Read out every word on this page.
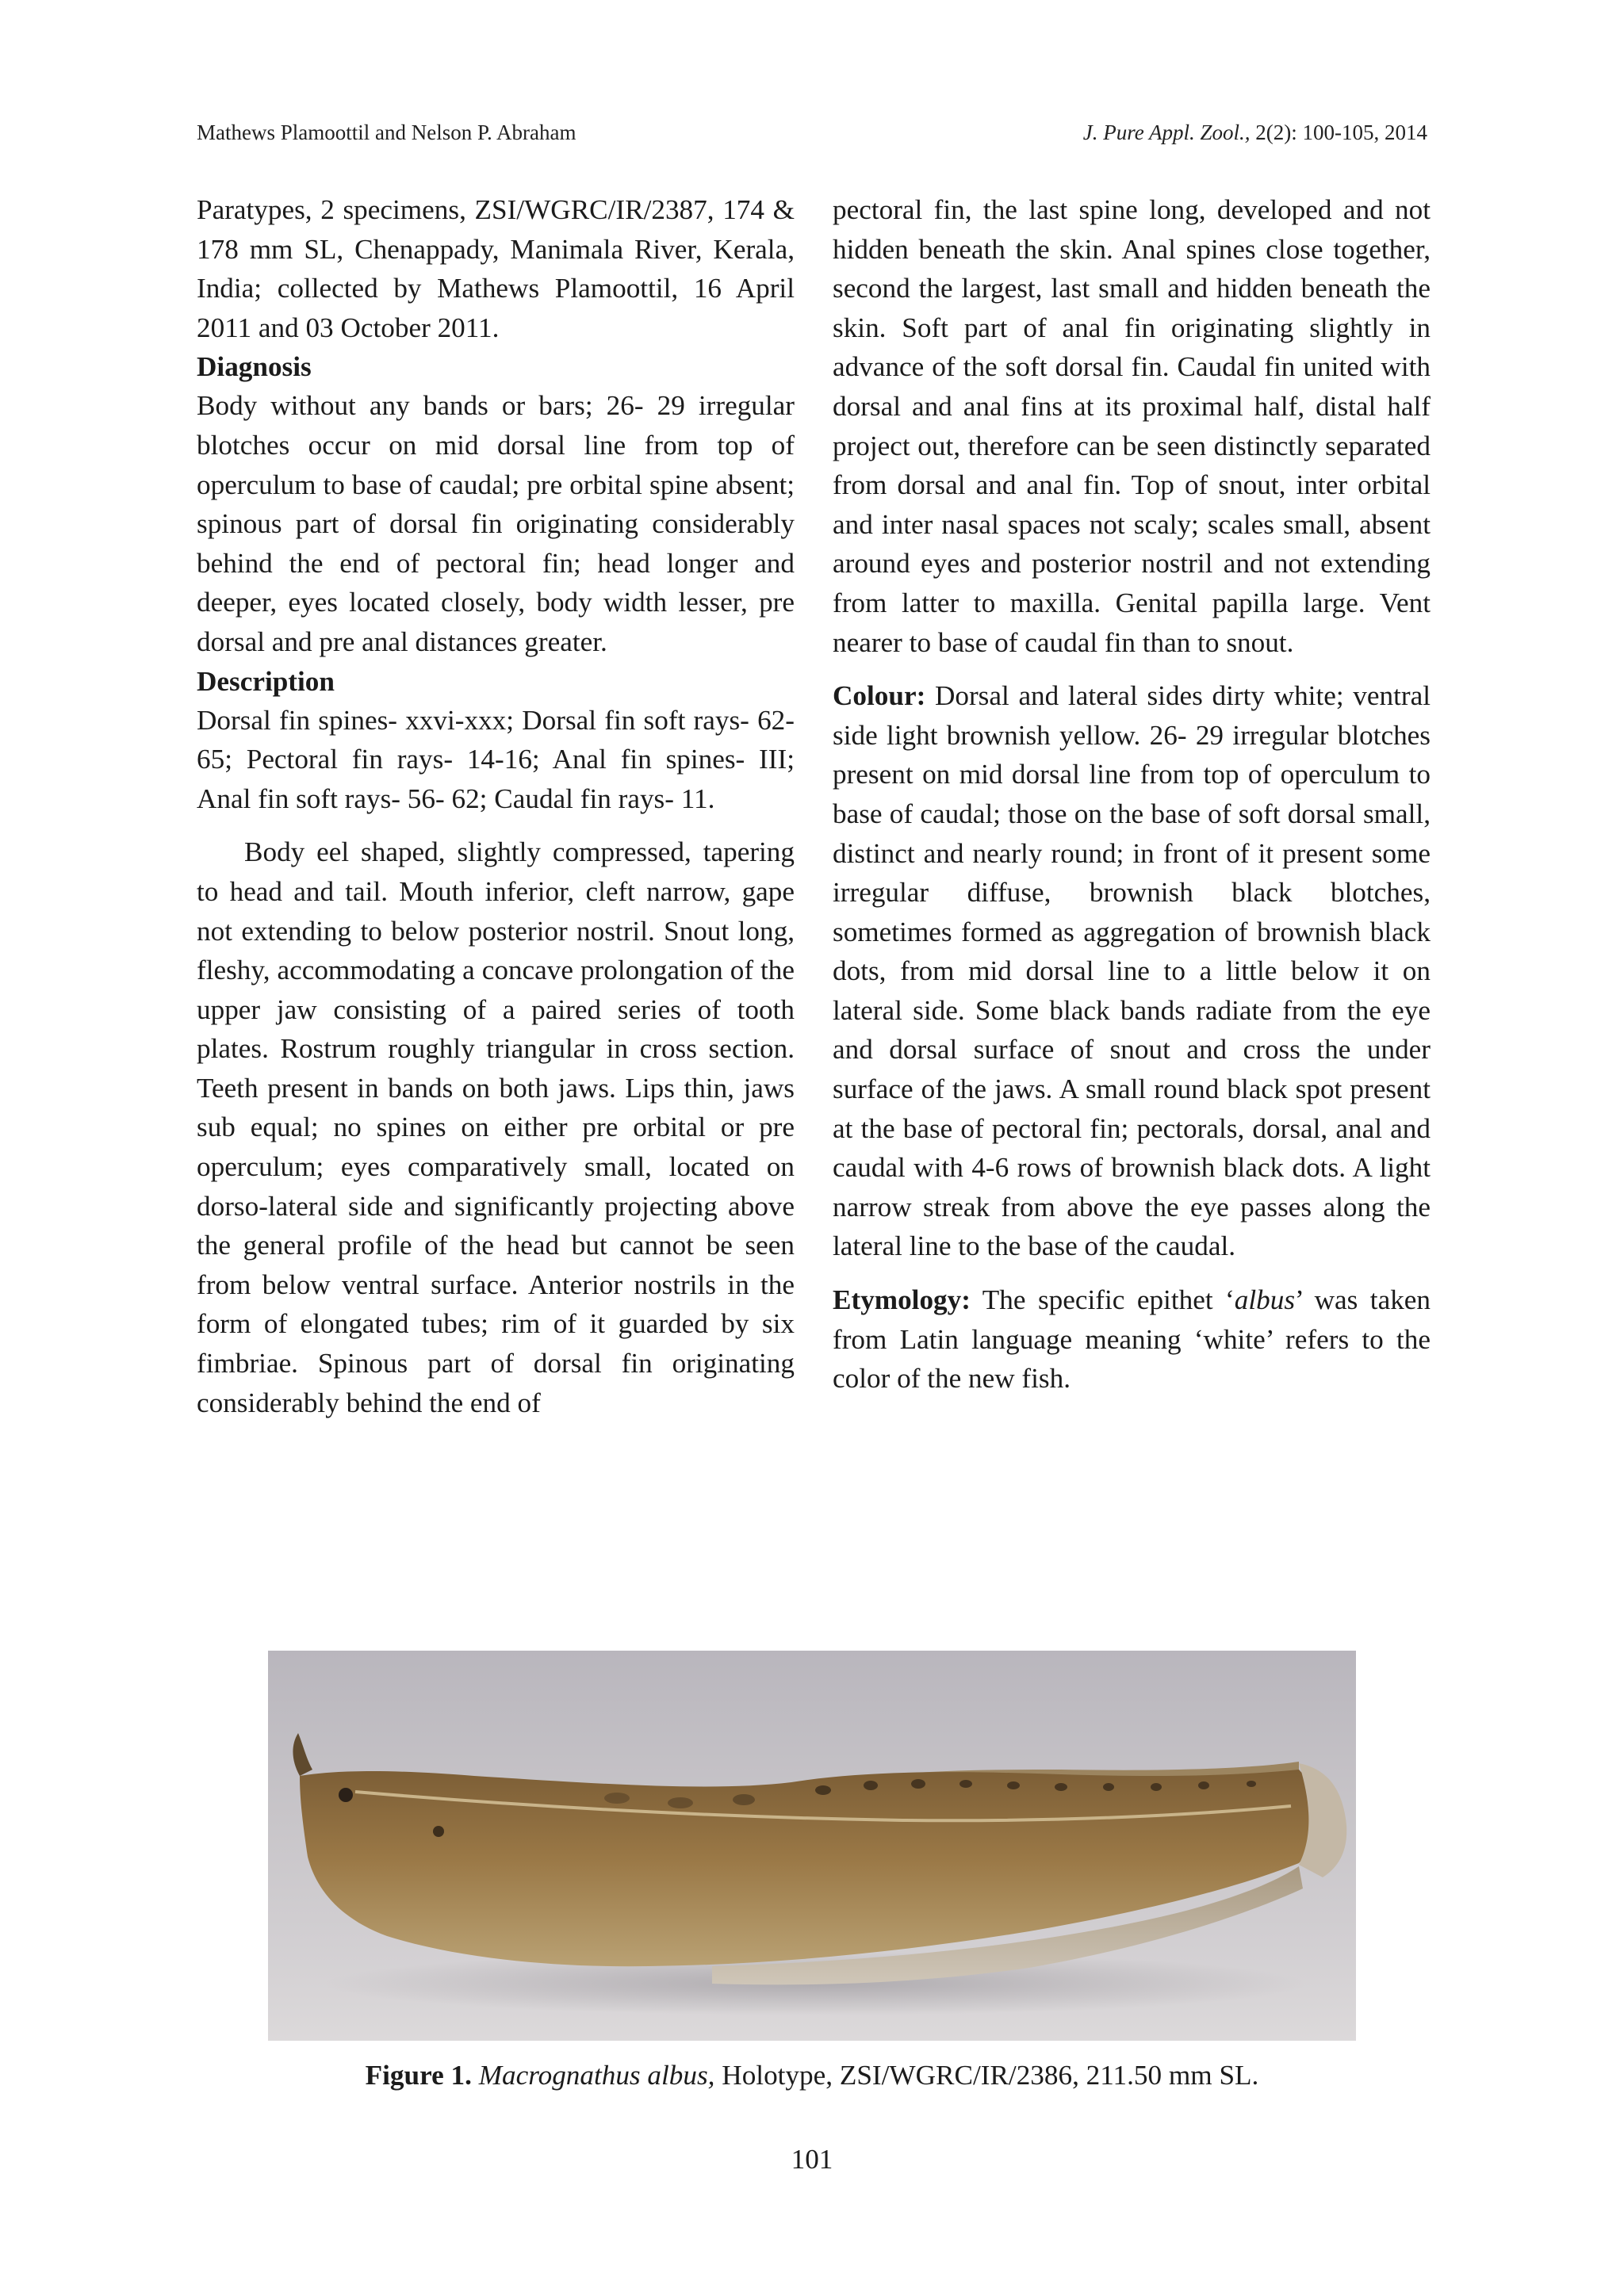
Mathews Plamoottil and Nelson P. Abraham	J. Pure Appl. Zool., 2(2): 100-105, 2014

Paratypes, 2 specimens, ZSI/WGRC/IR/2387, 174 & 178 mm SL, Chenappady, Manimala River, Kerala, India; collected by Mathews Plamoottil, 16 April 2011 and 03 October 2011.

Diagnosis

Body without any bands or bars; 26- 29 irregular blotches occur on mid dorsal line from top of operculum to base of caudal; pre orbital spine absent; spinous part of dorsal fin originating considerably behind the end of pectoral fin; head longer and deeper, eyes located closely, body width lesser, pre dorsal and pre anal distances greater.

Description

Dorsal fin spines- xxvi-xxx; Dorsal fin soft rays- 62-65; Pectoral fin rays- 14-16; Anal fin spines- III; Anal fin soft rays- 56- 62; Caudal fin rays- 11.

Body eel shaped, slightly compressed, tapering to head and tail. Mouth inferior, cleft narrow, gape not extending to below posterior nostril. Snout long, fleshy, accommodating a concave prolongation of the upper jaw consisting of a paired series of tooth plates. Rostrum roughly triangular in cross section. Teeth present in bands on both jaws. Lips thin, jaws sub equal; no spines on either pre orbital or pre operculum; eyes comparatively small, located on dorso-lateral side and significantly projecting above the general profile of the head but cannot be seen from below ventral surface. Anterior nostrils in the form of elongated tubes; rim of it guarded by six fimbriae. Spinous part of dorsal fin originating considerably behind the end of

pectoral fin, the last spine long, developed and not hidden beneath the skin. Anal spines close together, second the largest, last small and hidden beneath the skin. Soft part of anal fin originating slightly in advance of the soft dorsal fin. Caudal fin united with dorsal and anal fins at its proximal half, distal half project out, therefore can be seen distinctly separated from dorsal and anal fin. Top of snout, inter orbital and inter nasal spaces not scaly; scales small, absent around eyes and posterior nostril and not extending from latter to maxilla. Genital papilla large. Vent nearer to base of caudal fin than to snout.

Colour: Dorsal and lateral sides dirty white; ventral side light brownish yellow. 26- 29 irregular blotches present on mid dorsal line from top of operculum to base of caudal; those on the base of soft dorsal small, distinct and nearly round; in front of it present some irregular diffuse, brownish black blotches, sometimes formed as aggregation of brownish black dots, from mid dorsal line to a little below it on lateral side. Some black bands radiate from the eye and dorsal surface of snout and cross the under surface of the jaws. A small round black spot present at the base of pectoral fin; pectorals, dorsal, anal and caudal with 4-6 rows of brownish black dots. A light narrow streak from above the eye passes along the lateral line to the base of the caudal.

Etymology: The specific epithet ‘albus’ was taken from Latin language meaning ‘white’ refers to the color of the new fish.

Figure 1. Macrognathus albus, Holotype, ZSI/WGRC/IR/2386, 211.50 mm SL.
101
